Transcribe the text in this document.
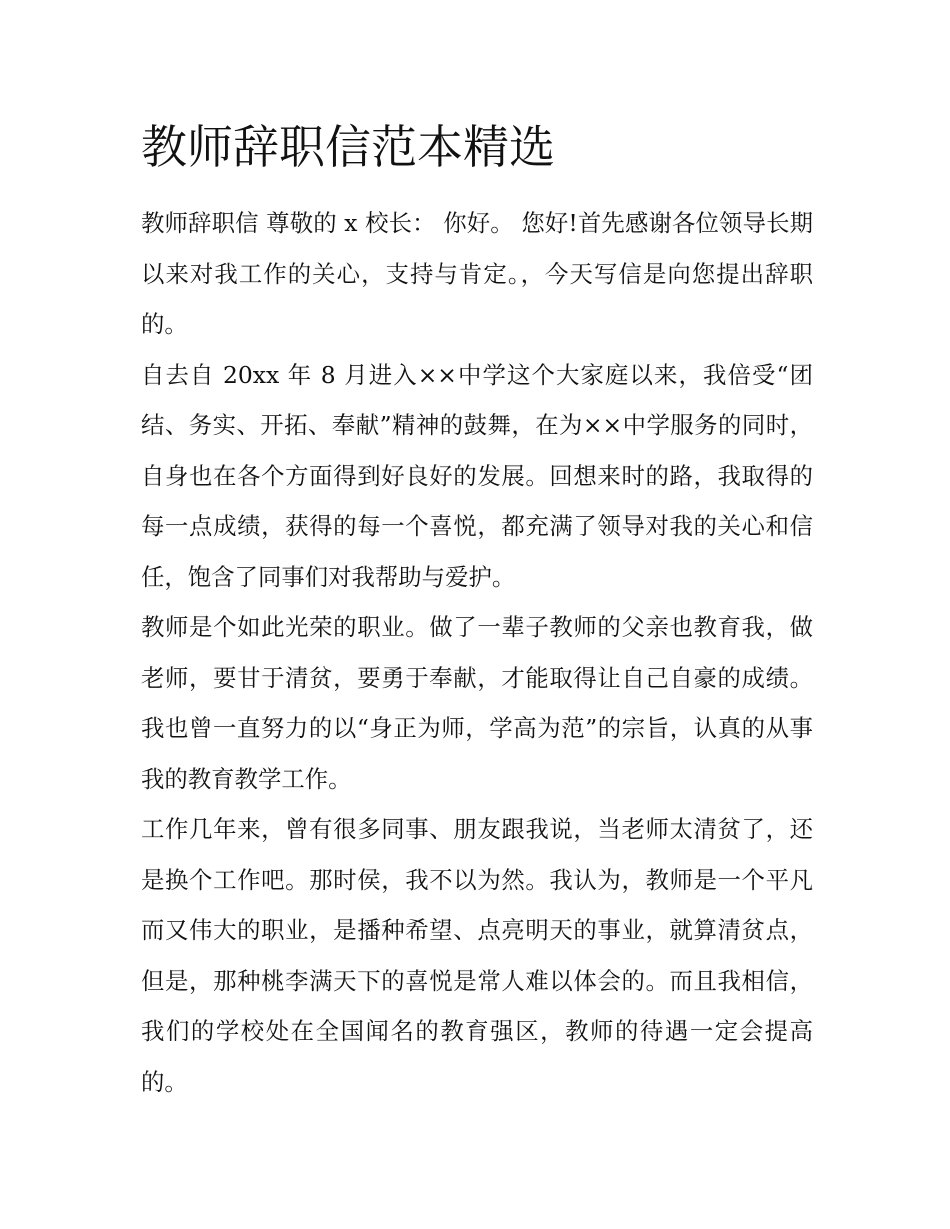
教师辞职信范本精选

教师辞职信 尊敬的 x 校长： 你好。 您好!首先感谢各位领导长期以来对我工作的关心，支持与肯定。，今天写信是向您提出辞职的。

自去自 20xx 年 8 月进入××中学这个大家庭以来，我倍受“团结、务实、开拓、奉献”精神的鼓舞，在为××中学服务的同时，自身也在各个方面得到好良好的发展。回想来时的路，我取得的每一点成绩，获得的每一个喜悦，都充满了领导对我的关心和信任，饱含了同事们对我帮助与爱护。

教师是个如此光荣的职业。做了一辈子教师的父亲也教育我，做老师，要甘于清贫，要勇于奉献，才能取得让自己自豪的成绩。我也曾一直努力的以“身正为师，学高为范”的宗旨，认真的从事我的教育教学工作。

工作几年来，曾有很多同事、朋友跟我说，当老师太清贫了，还是换个工作吧。那时侯，我不以为然。我认为，教师是一个平凡而又伟大的职业，是播种希望、点亮明天的事业，就算清贫点，但是，那种桃李满天下的喜悦是常人难以体会的。而且我相信，我们的学校处在全国闻名的教育强区，教师的待遇一定会提高的。
